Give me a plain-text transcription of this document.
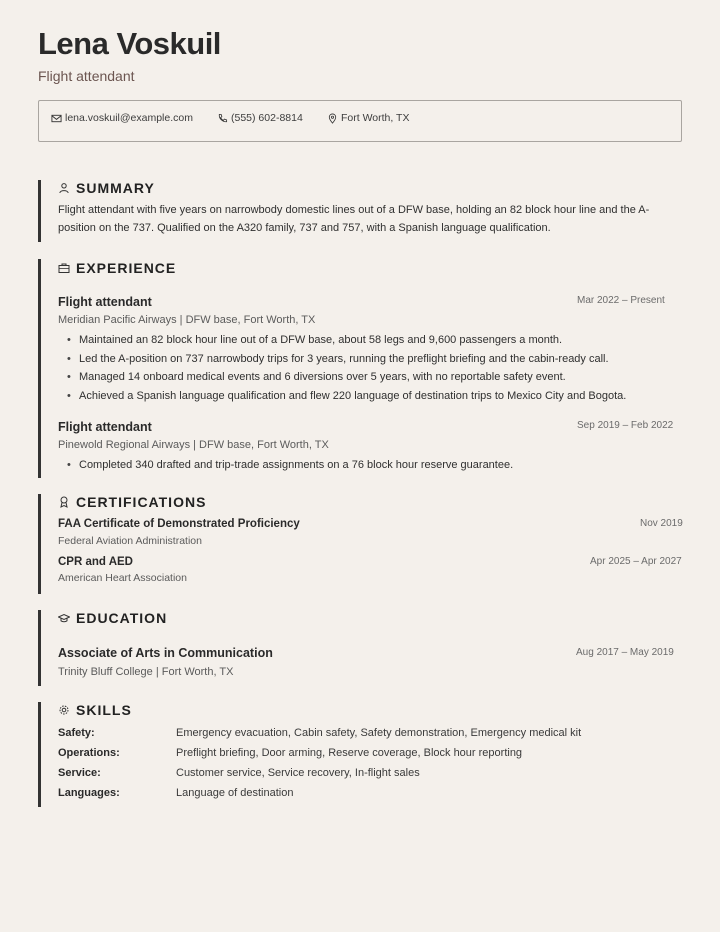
Lena Voskuil
Flight attendant
lena.voskuil@example.com	(555) 602-8814	Fort Worth, TX
SUMMARY
Flight attendant with five years on narrowbody domestic lines out of a DFW base, holding an 82 block hour line and the A-position on the 737. Qualified on the A320 family, 737 and 757, with a Spanish language qualification.
EXPERIENCE
Flight attendant	Mar 2022 – Present
Meridian Pacific Airways | DFW base, Fort Worth, TX
• Maintained an 82 block hour line out of a DFW base, about 58 legs and 9,600 passengers a month.
• Led the A-position on 737 narrowbody trips for 3 years, running the preflight briefing and the cabin-ready call.
• Managed 14 onboard medical events and 6 diversions over 5 years, with no reportable safety event.
• Achieved a Spanish language qualification and flew 220 language of destination trips to Mexico City and Bogota.
Flight attendant	Sep 2019 – Feb 2022
Pinewold Regional Airways | DFW base, Fort Worth, TX
• Completed 340 drafted and trip-trade assignments on a 76 block hour reserve guarantee.
CERTIFICATIONS
FAA Certificate of Demonstrated Proficiency	Nov 2019
Federal Aviation Administration
CPR and AED	Apr 2025 – Apr 2027
American Heart Association
EDUCATION
Associate of Arts in Communication	Aug 2017 – May 2019
Trinity Bluff College | Fort Worth, TX
SKILLS
Safety:	Emergency evacuation, Cabin safety, Safety demonstration, Emergency medical kit
Operations:	Preflight briefing, Door arming, Reserve coverage, Block hour reporting
Service:	Customer service, Service recovery, In-flight sales
Languages:	Language of destination
